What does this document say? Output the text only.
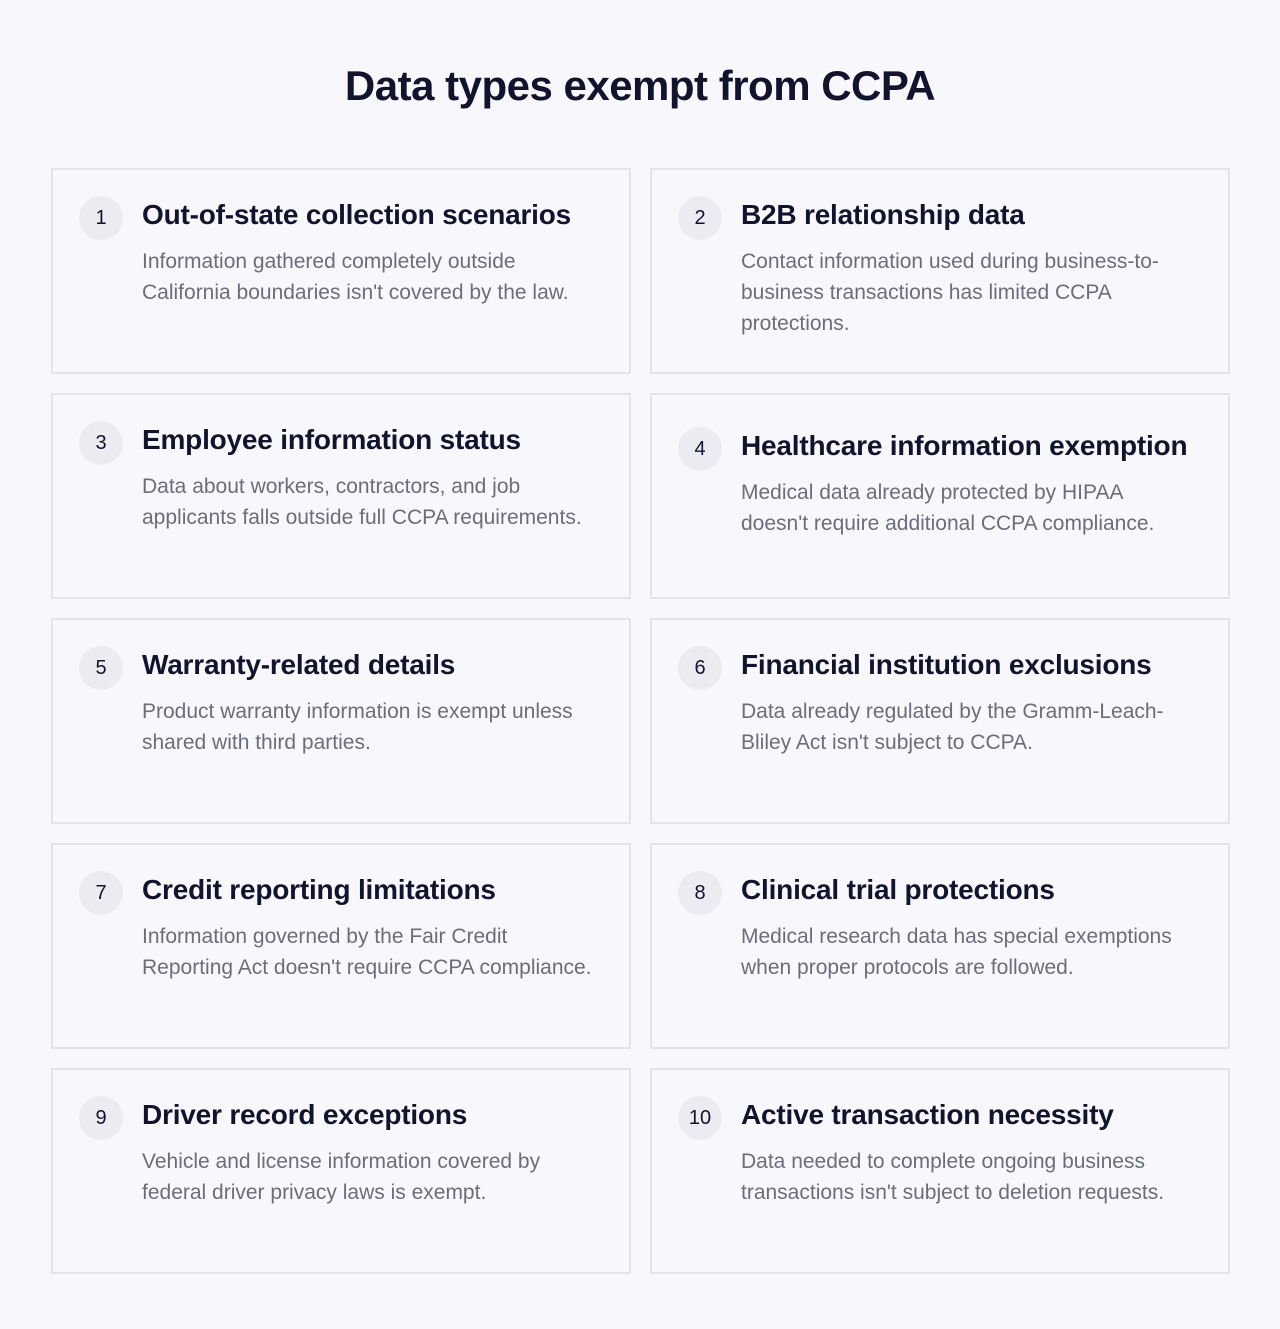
Data types exempt from CCPA
1	Out-of-state collection scenarios
Information gathered completely outside California boundaries isn't covered by the law.
2	B2B relationship data
Contact information used during business-to-business transactions has limited CCPA protections.
3	Employee information status
Data about workers, contractors, and job applicants falls outside full CCPA requirements.
4	Healthcare information exemption
Medical data already protected by HIPAA doesn't require additional CCPA compliance.
5	Warranty-related details
Product warranty information is exempt unless shared with third parties.
6	Financial institution exclusions
Data already regulated by the Gramm-Leach-Bliley Act isn't subject to CCPA.
7	Credit reporting limitations
Information governed by the Fair Credit Reporting Act doesn't require CCPA compliance.
8	Clinical trial protections
Medical research data has special exemptions when proper protocols are followed.
9	Driver record exceptions
Vehicle and license information covered by federal driver privacy laws is exempt.
10	Active transaction necessity
Data needed to complete ongoing business transactions isn't subject to deletion requests.
